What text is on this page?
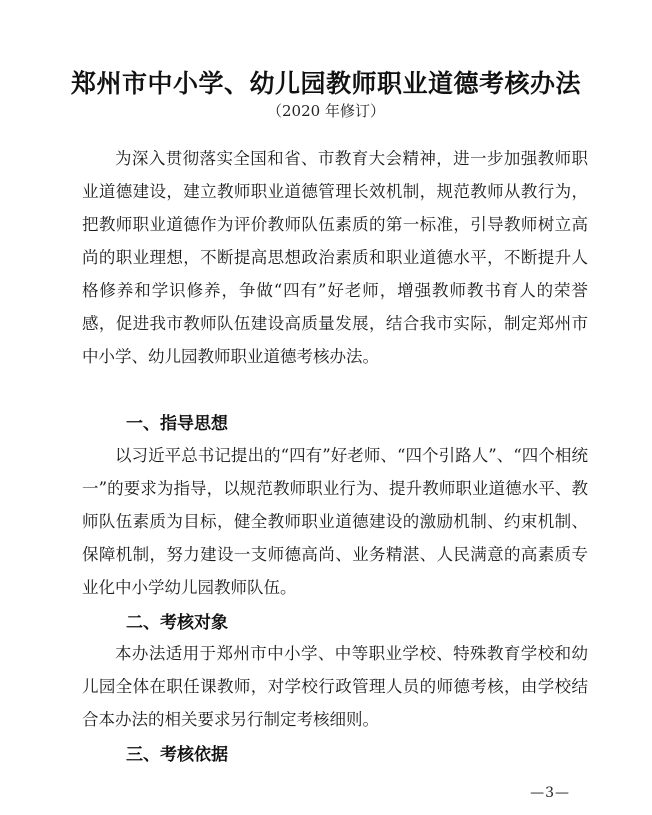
郑州市中小学、幼儿园教师职业道德考核办法
（2020 年修订）

为深入贯彻落实全国和省、市教育大会精神，进一步加强教师职业道德建设，建立教师职业道德管理长效机制，规范教师从教行为，把教师职业道德作为评价教师队伍素质的第一标准，引导教师树立高尚的职业理想，不断提高思想政治素质和职业道德水平，不断提升人格修养和学识修养，争做“四有”好老师，增强教师教书育人的荣誉感，促进我市教师队伍建设高质量发展，结合我市实际，制定郑州市中小学、幼儿园教师职业道德考核办法。

一、指导思想

以习近平总书记提出的“四有”好老师、“四个引路人”、“四个相统一”的要求为指导，以规范教师职业行为、提升教师职业道德水平、教师队伍素质为目标，健全教师职业道德建设的激励机制、约束机制、保障机制，努力建设一支师德高尚、业务精湛、人民满意的高素质专业化中小学幼儿园教师队伍。

二、考核对象

本办法适用于郑州市中小学、中等职业学校、特殊教育学校和幼儿园全体在职任课教师，对学校行政管理人员的师德考核，由学校结合本办法的相关要求另行制定考核细则。

三、考核依据
—3—
